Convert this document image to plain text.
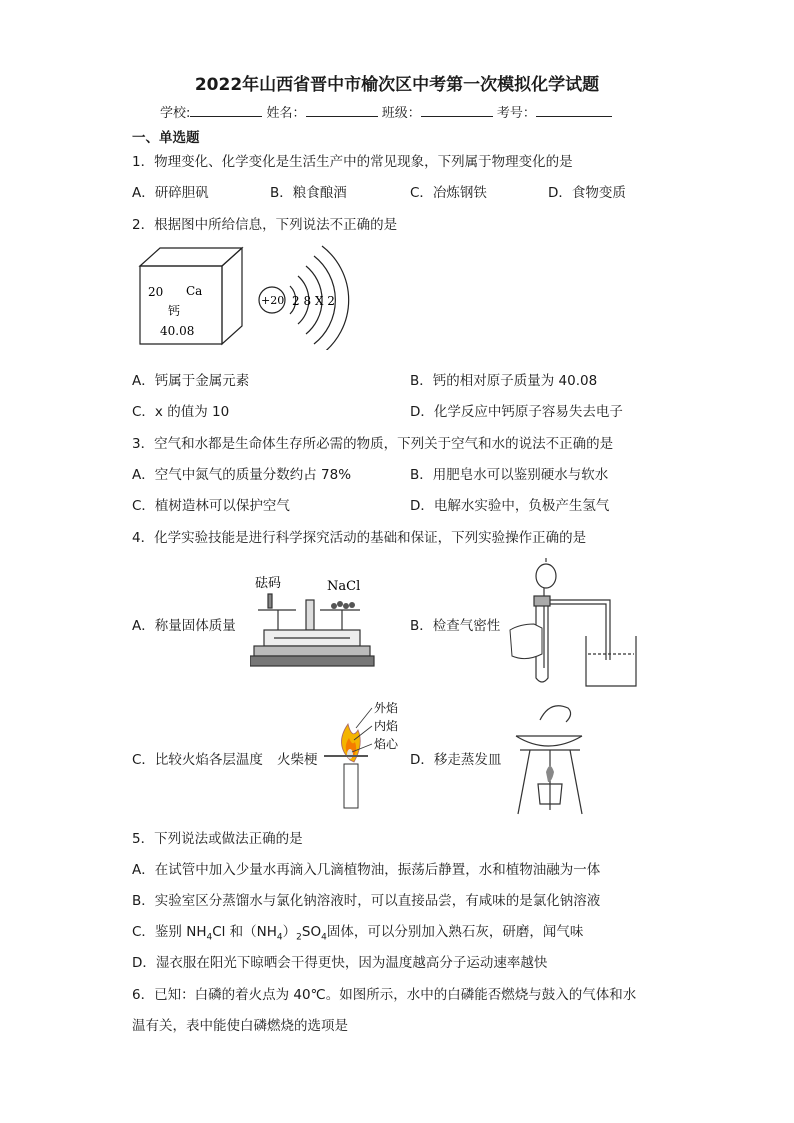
2022年山西省晋中市榆次区中考第一次模拟化学试题
学校:	姓名：	班级：	考号：
一、单选题
1．物理变化、化学变化是生活生产中的常见现象，下列属于物理变化的是
A．研碎胆矾	B．粮食酿酒	C．冶炼钢铁	D．食物变质
2．根据图中所给信息，下列说法不正确的是
20 Ca
钙
40.08
+20 2 8 X 2
A．钙属于金属元素	B．钙的相对原子质量为 40.08
C．x 的值为 10	D．化学反应中钙原子容易失去电子
3．空气和水都是生命体生存所必需的物质，下列关于空气和水的说法不正确的是
A．空气中氮气的质量分数约占 78%	B．用肥皂水可以鉴别硬水与软水
C．植树造林可以保护空气	D．电解水实验中，负极产生氢气
4．化学实验技能是进行科学探究活动的基础和保证，下列实验操作正确的是
A．称量固体质量
砝码	NaCl
B．检查气密性
C．比较火焰各层温度 火柴梗
外焰
内焰
焰心
D．移走蒸发皿
5．下列说法或做法正确的是
A．在试管中加入少量水再滴入几滴植物油，振荡后静置，水和植物油融为一体
B．实验室区分蒸馏水与氯化钠溶液时，可以直接品尝，有咸味的是氯化钠溶液
C．鉴别 $NH_4Cl$ 和$(NH_4)_2SO_4$固体，可以分别加入熟石灰，研磨，闻气味
D．湿衣服在阳光下晾晒会干得更快，因为温度越高分子运动速率越快
6．已知：白磷的着火点为 40℃。如图所示，水中的白磷能否燃烧与鼓入的气体和水
温有关，表中能使白磷燃烧的选项是
